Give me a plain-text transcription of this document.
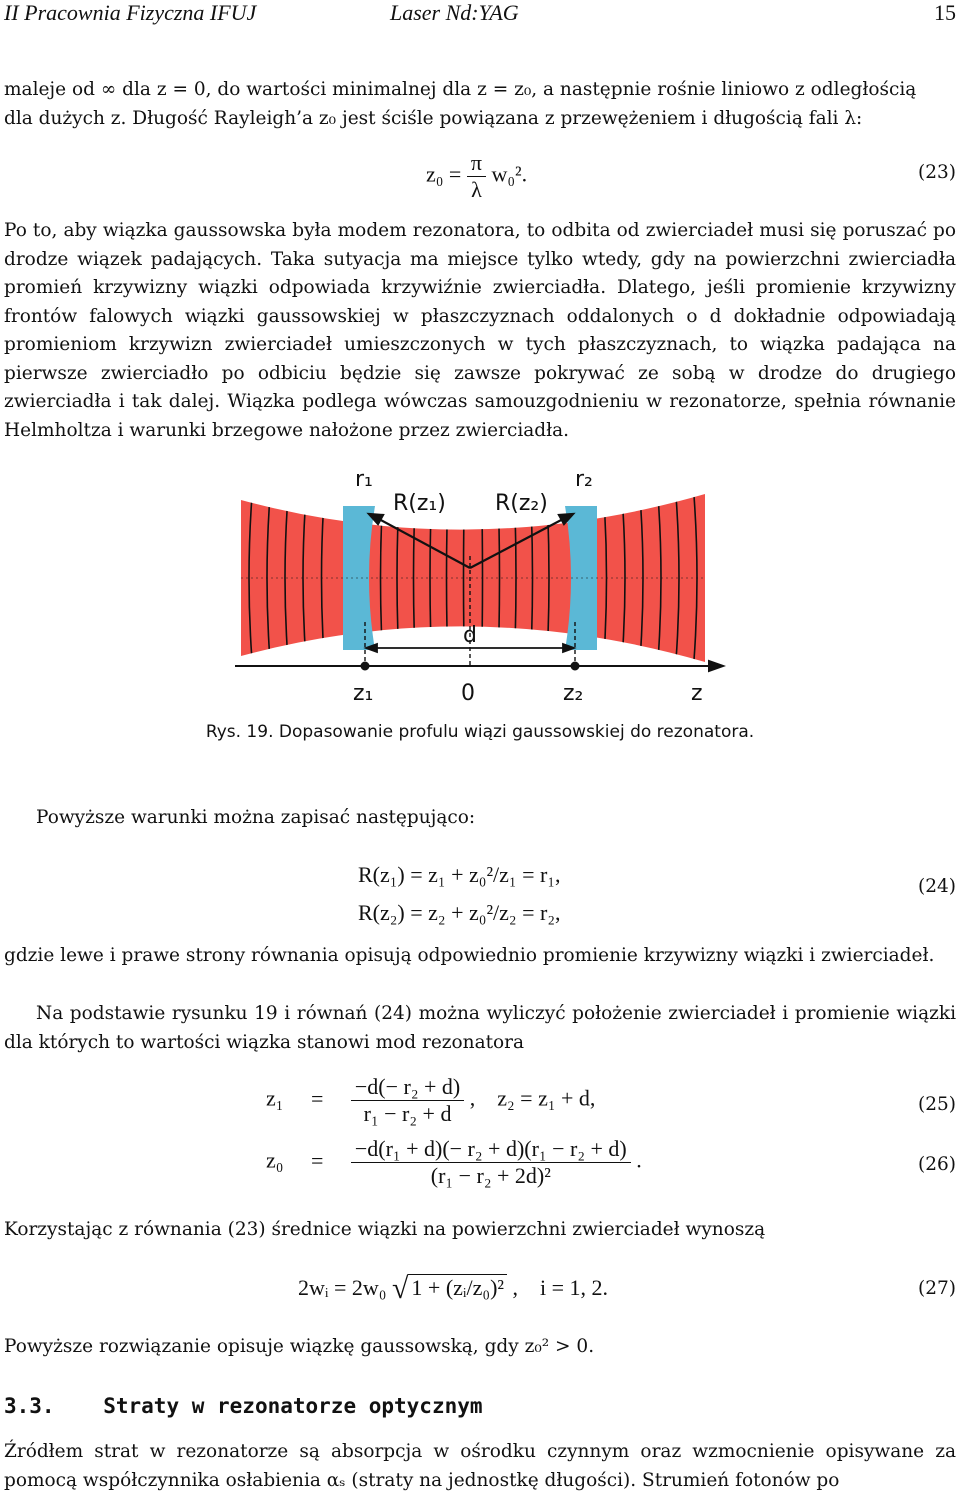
II Pracownia Fizyczna IFUJ	Laser Nd:YAG	15
maleje od ∞ dla z = 0, do wartości minimalnej dla z = z₀, a następnie rośnie liniowo z odległością
dla dużych z. Długość Rayleigh’a z₀ jest ściśle powiązana z przewężeniem i długością fali λ:
$z_0 = \frac{\pi}{\lambda} w_0^2$.	(23)

Po to, aby wiązka gaussowska była modem rezonatora, to odbita od zwierciadeł musi się poruszać po drodze wiązek padających. Taka sutyacja ma miejsce tylko wtedy, gdy na powierzchni zwierciadła promień krzywizny wiązki odpowiada krzywiźnie zwierciadła. Dlatego, jeśli promienie krzywizny frontów falowych wiązki gaussowskiej w płaszczyznach oddalonych o d dokładnie odpowiadają promieniom krzywizn zwierciadeł umieszczonych w tych płaszczyznach, to wiązka padająca na pierwsze zwierciadło po odbiciu będzie się zawsze pokrywać ze sobą w drodze do drugiego zwierciadła i tak dalej. Wiązka podlega wówczas samouzgodnieniu w rezonatorze, spełnia równanie Helmholtza i warunki brzegowe nałożone przez zwierciadła.

r₁	r₂
R(z₁) R(z₂)
d
z₁	0	z₂	z
Rys. 19. Dopasowanie profulu wiązi gaussowskiej do rezonatora.
Powyższe warunki można zapisać następująco:
R(z₁) = z₁ + z₀²/z₁ = r₁,
R(z₂) = z₂ + z₀²/z₂ = r₂,
(24)
gdzie lewe i prawe strony równania opisują odpowiednio promienie krzywizny wiązki i zwierciadeł.
Na podstawie rysunku 19 i równań (24) można wyliczyć położenie zwierciadeł i promienie wiązki dla których to wartości wiązka stanowi mod rezonatora
$z_1 = \frac{\text{−d(− r₂ + d)}}{\text{r₁ − r₂ + d}}$ ,    z₂ = z₁ + d,	(25)
$z_0 = \frac{\text{−d(r₁ + d)(− r₂ + d)(r₁ − r₂ + d)}}{\text{(r₁ − r₂ + 2d)²}}$ .	(26)
Korzystając z równania (23) średnice wiązki na powierzchni zwierciadeł wynoszą
2wᵢ = 2w₀ √ 1 + (zᵢ/z₀)² ,    i = 1, 2.	(27)
Powyższe rozwiązanie opisuje wiązkę gaussowską, gdy z₀² > 0.
3.3. Straty w rezonatorze optycznym
Źródłem strat w rezonatorze są absorpcja w ośrodku czynnym oraz wzmocnienie opisywane za pomocą współczynnika osłabienia αₛ (straty na jednostkę długości). Strumień fotonów po
